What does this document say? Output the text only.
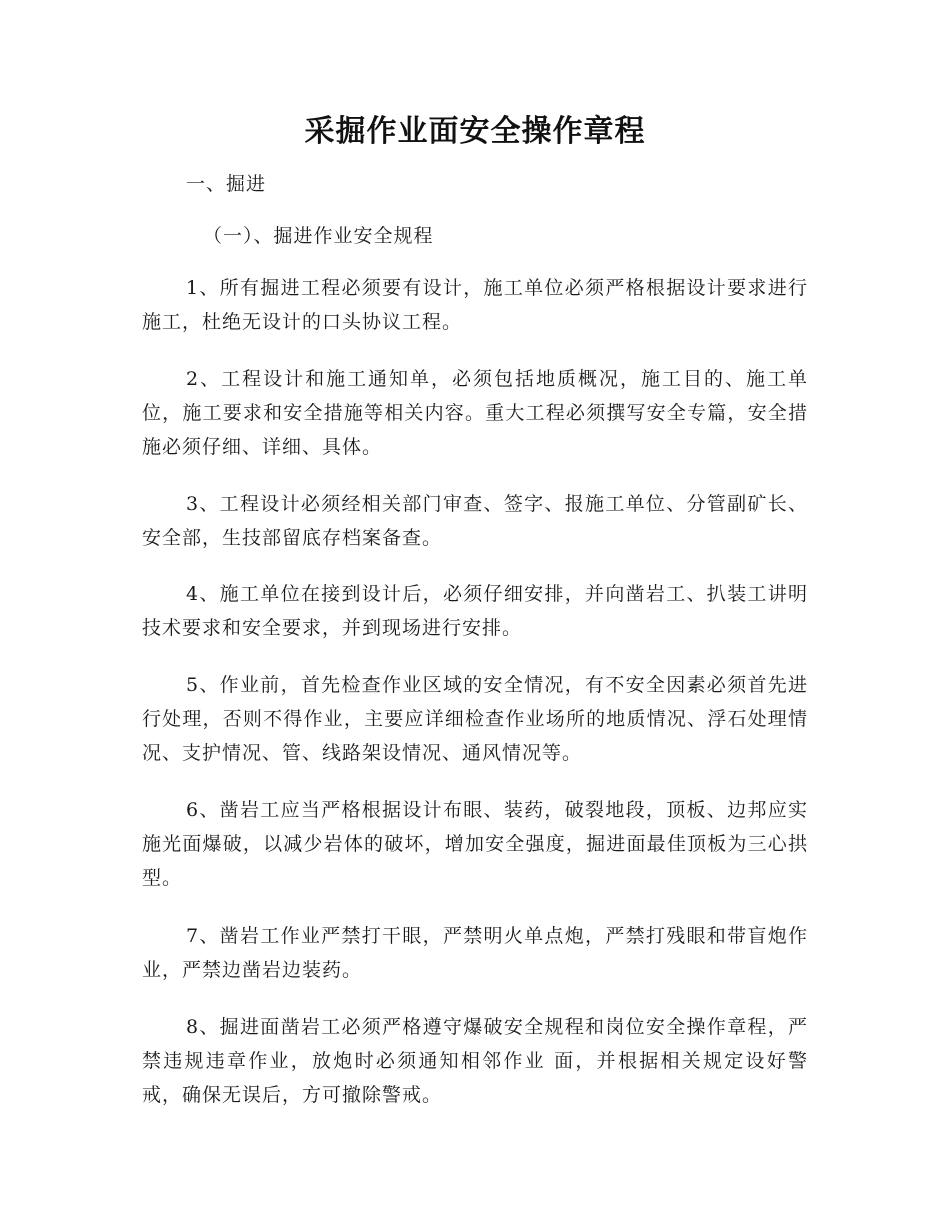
采掘作业面安全操作章程
一、掘进
（一）、掘进作业安全规程

1、所有掘进工程必须要有设计，施工单位必须严格根据设计要求进行施工，杜绝无设计的口头协议工程。

2、工程设计和施工通知单，必须包括地质概况，施工目的、施工单位，施工要求和安全措施等相关内容。重大工程必须撰写安全专篇，安全措施必须仔细、详细、具体。

3、工程设计必须经相关部门审查、签字、报施工单位、分管副矿长、安全部，生技部留底存档案备查。

4、施工单位在接到设计后，必须仔细安排，并向凿岩工、扒装工讲明技术要求和安全要求，并到现场进行安排。

5、作业前，首先检查作业区域的安全情况，有不安全因素必须首先进行处理，否则不得作业，主要应详细检查作业场所的地质情况、浮石处理情况、支护情况、管、线路架设情况、通风情况等。

6、凿岩工应当严格根据设计布眼、装药，破裂地段，顶板、边邦应实施光面爆破，以减少岩体的破坏，增加安全强度，掘进面最佳顶板为三心拱型。

7、凿岩工作业严禁打干眼，严禁明火单点炮，严禁打残眼和带盲炮作业，严禁边凿岩边装药。

8、掘进面凿岩工必须严格遵守爆破安全规程和岗位安全操作章程，严禁违规违章作业，放炮时必须通知相邻作业 面，并根据相关规定设好警戒，确保无误后，方可撤除警戒。
